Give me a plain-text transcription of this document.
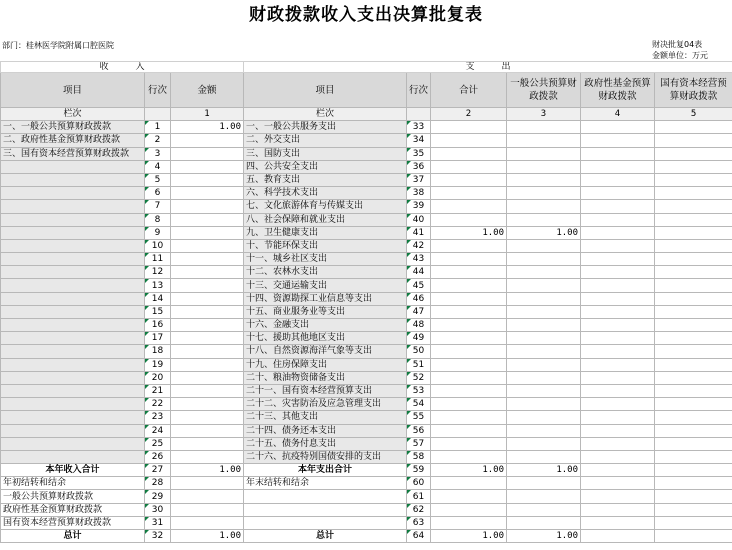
财政拨款收入支出决算批复表
部门：桂林医学院附属口腔医院	财决批复04表
金额单位：万元
收　　　入			支　　　出					
项目	行次	金额	项目	行次	合计	一般公共预算财政拨款	政府性基金预算财政拨款	国有资本经营预算财政拨款
栏次		1	栏次		2	3	4	5
一、一般公共预算财政拨款	1	1.00	一、一般公共服务支出	33				
二、政府性基金预算财政拨款	2		二、外交支出	34				
三、国有资本经营预算财政拨款	3		三、国防支出	35				
	4		四、公共安全支出	36				
	5		五、教育支出	37				
	6		六、科学技术支出	38				
	7		七、文化旅游体育与传媒支出	39				
	8		八、社会保障和就业支出	40				
	9		九、卫生健康支出	41	1.00	1.00		
	10		十、节能环保支出	42				
	11		十一、城乡社区支出	43				
	12		十二、农林水支出	44				
	13		十三、交通运输支出	45				
	14		十四、资源勘探工业信息等支出	46				
	15		十五、商业服务业等支出	47				
	16		十六、金融支出	48				
	17		十七、援助其他地区支出	49				
	18		十八、自然资源海洋气象等支出	50				
	19		十九、住房保障支出	51				
	20		二十、粮油物资储备支出	52				
	21		二十一、国有资本经营预算支出	53				
	22		二十二、灾害防治及应急管理支出	54				
	23		二十三、其他支出	55				
	24		二十四、债务还本支出	56				
	25		二十五、债务付息支出	57				
	26		二十六、抗疫特别国债安排的支出	58				
本年收入合计	27	1.00	本年支出合计	59	1.00	1.00		
年初结转和结余	28		年末结转和结余	60				
一般公共预算财政拨款	29			61				
政府性基金预算财政拨款	30			62				
国有资本经营预算财政拨款	31			63				
总计	32	1.00	总计	64	1.00	1.00		
